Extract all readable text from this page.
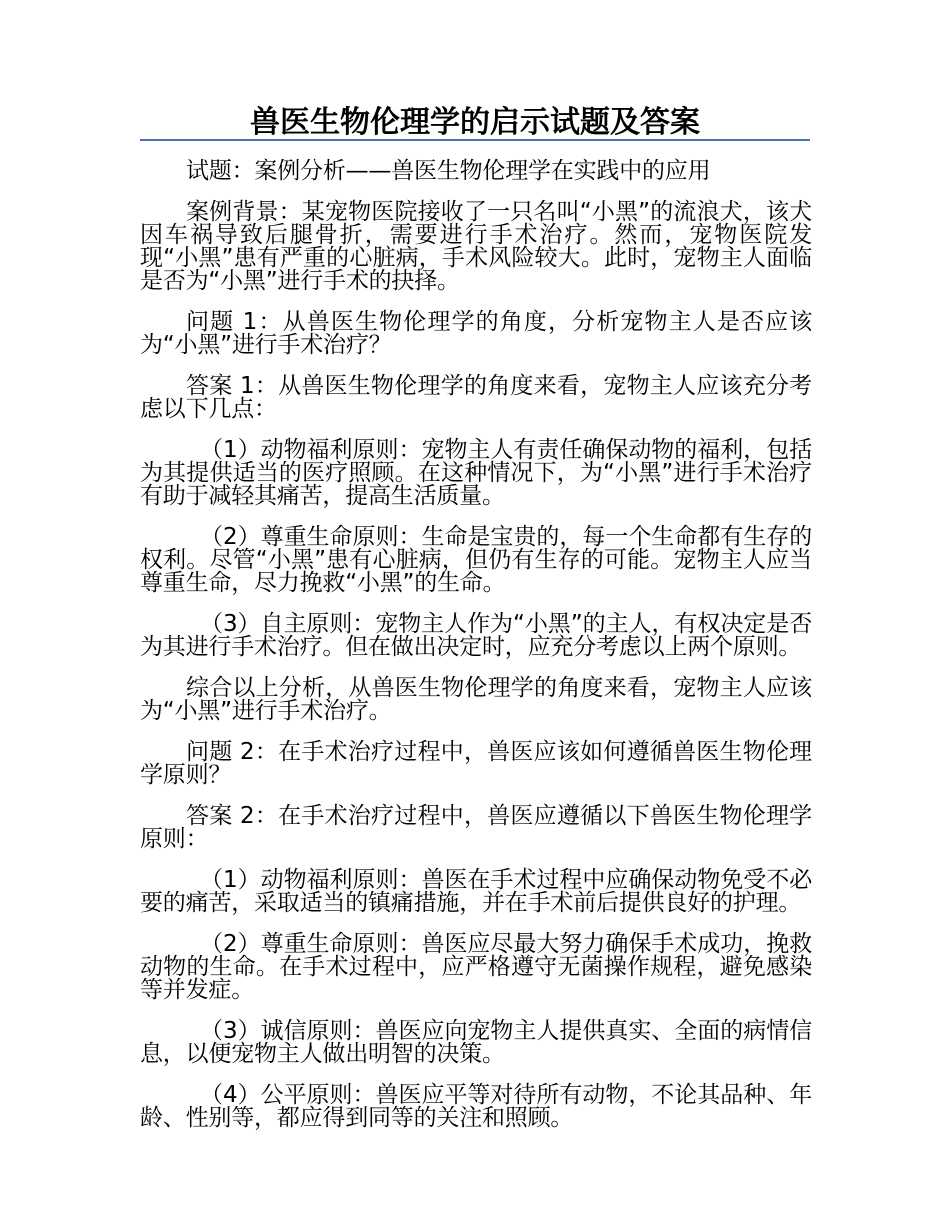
兽医生物伦理学的启示试题及答案

试题：案例分析——兽医生物伦理学在实践中的应用

案例背景：某宠物医院接收了一只名叫“小黑”的流浪犬，该犬因车祸导致后腿骨折，需要进行手术治疗。然而，宠物医院发现“小黑”患有严重的心脏病，手术风险较大。此时，宠物主人面临是否为“小黑”进行手术的抉择。

问题 1：从兽医生物伦理学的角度，分析宠物主人是否应该为“小黑”进行手术治疗？

答案 1：从兽医生物伦理学的角度来看，宠物主人应该充分考虑以下几点：

（1）动物福利原则：宠物主人有责任确保动物的福利，包括为其提供适当的医疗照顾。在这种情况下，为“小黑”进行手术治疗有助于减轻其痛苦，提高生活质量。

（2）尊重生命原则：生命是宝贵的，每一个生命都有生存的权利。尽管“小黑”患有心脏病，但仍有生存的可能。宠物主人应当尊重生命，尽力挽救“小黑”的生命。

（3）自主原则：宠物主人作为“小黑”的主人，有权决定是否为其进行手术治疗。但在做出决定时，应充分考虑以上两个原则。

综合以上分析，从兽医生物伦理学的角度来看，宠物主人应该为“小黑”进行手术治疗。

问题 2：在手术治疗过程中，兽医应该如何遵循兽医生物伦理学原则？

答案 2：在手术治疗过程中，兽医应遵循以下兽医生物伦理学原则：

（1）动物福利原则：兽医在手术过程中应确保动物免受不必要的痛苦，采取适当的镇痛措施，并在手术前后提供良好的护理。

（2）尊重生命原则：兽医应尽最大努力确保手术成功，挽救动物的生命。在手术过程中，应严格遵守无菌操作规程，避免感染等并发症。

（3）诚信原则：兽医应向宠物主人提供真实、全面的病情信息，以便宠物主人做出明智的决策。

（4）公平原则：兽医应平等对待所有动物，不论其品种、年龄、性别等，都应得到同等的关注和照顾。
